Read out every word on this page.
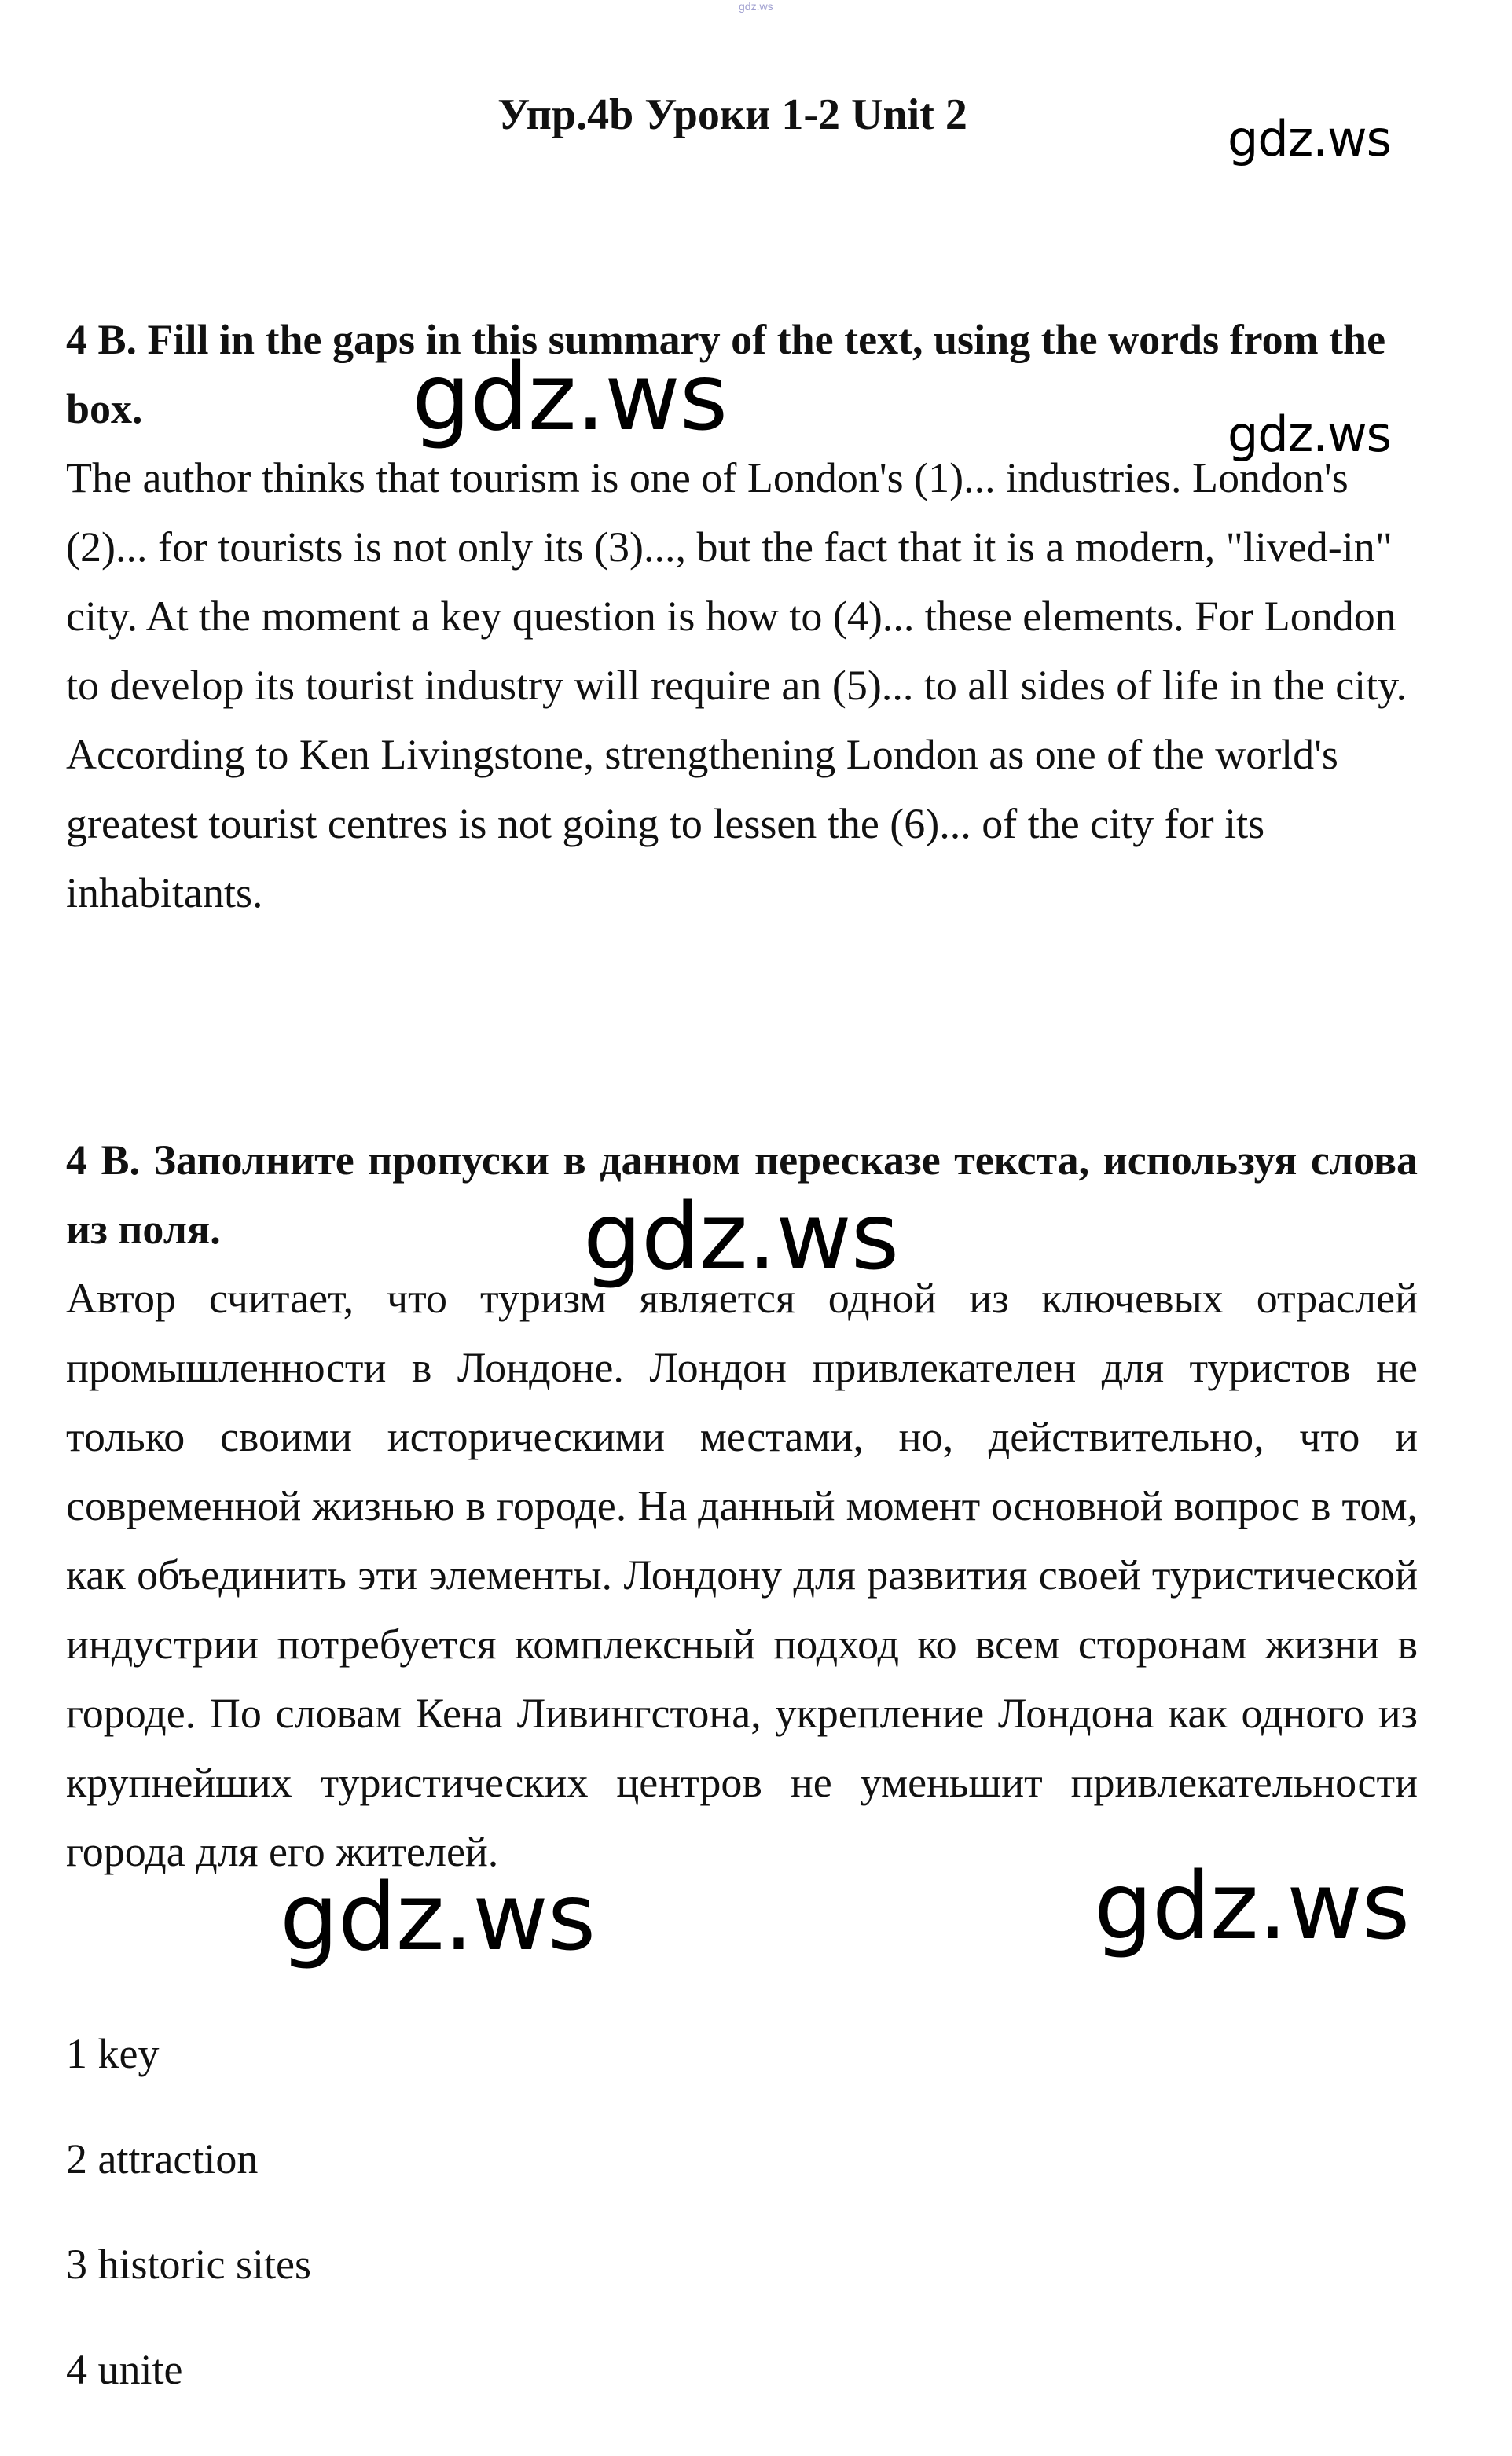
gdz.ws
Упр.4b Уроки 1-2 Unit 2	gdz.ws
gdz.ws	gdz.ws

4 B. Fill in the gaps in this summary of the text, using the words from the box.

The author thinks that tourism is one of London's (1)... industries. London's (2)... for tourists is not only its (3)..., but the fact that it is a modern, "lived-in" city. At the moment a key question is how to (4)... these elements. For London to develop its tourist industry will require an (5)... to all sides of life in the city. According to Ken Livingstone, strengthening London as one of the world's greatest tourist centres is not going to lessen the (6)... of the city for its inhabitants.

gdz.ws

4 B. Заполните пропуски в данном пересказе текста, используя слова из поля.

Автор считает, что туризм является одной из ключевых отраслей промышленности в Лондоне. Лондон привлекателен для туристов не только своими историческими местами, но, действительно, что и современной жизнью в городе. На данный момент основной вопрос в том, как объединить эти элементы. Лондону для развития своей туристической индустрии потребуется комплексный подход ко всем сторонам жизни в городе. По словам Кена Ливингстона, укрепление Лондона как одного из крупнейших туристических центров не уменьшит привлекательности города для его жителей.

gdz.ws	gdz.ws
1 key
2 attraction
3 historic sites
4 unite
